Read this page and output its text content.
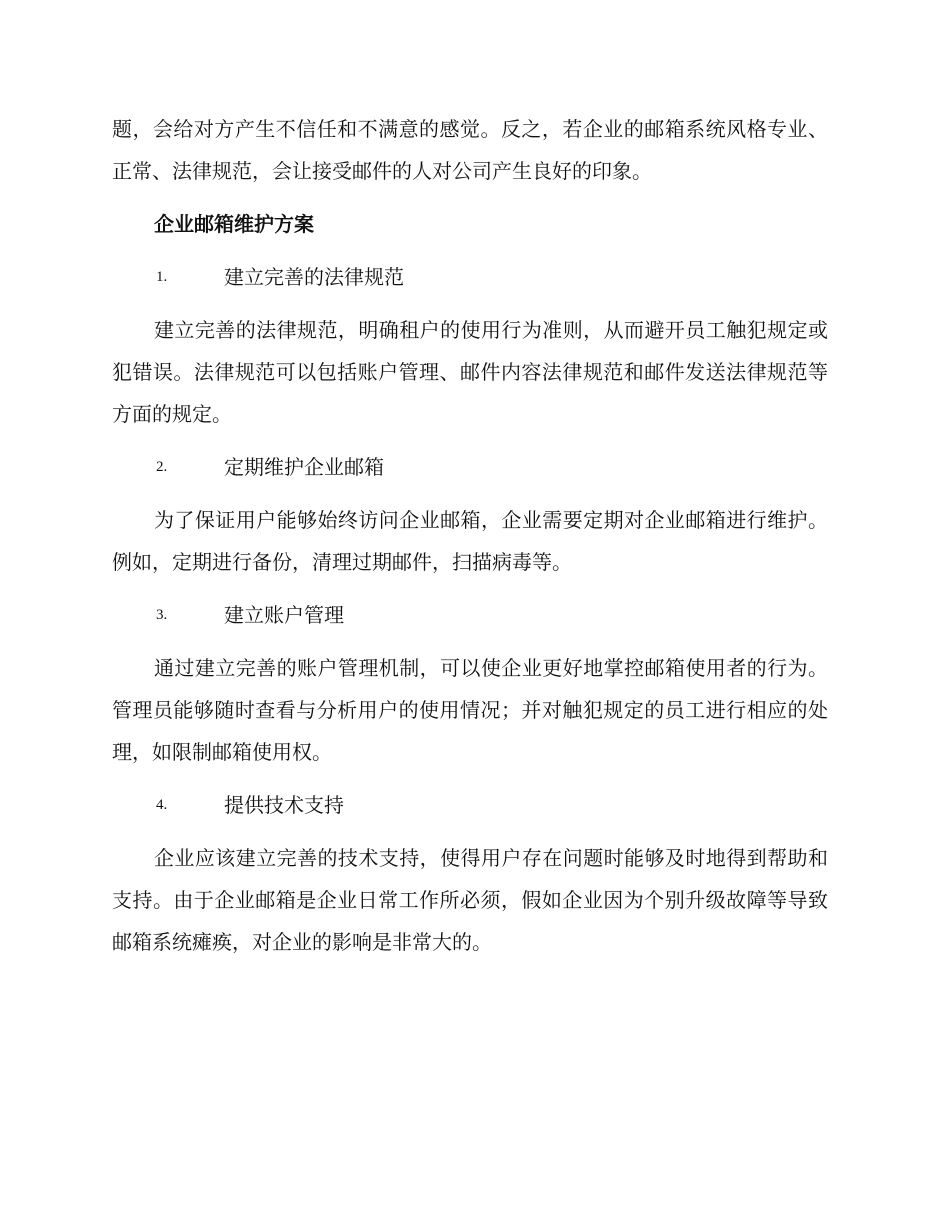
题，会给对方产生不信任和不满意的感觉。反之，若企业的邮箱系统风格专业、正常、法律规范，会让接受邮件的人对公司产生良好的印象。

企业邮箱维护方案
1.	建立完善的法律规范

建立完善的法律规范，明确租户的使用行为准则，从而避开员工触犯规定或犯错误。法律规范可以包括账户管理、邮件内容法律规范和邮件发送法律规范等方面的规定。

2.	定期维护企业邮箱

为了保证用户能够始终访问企业邮箱，企业需要定期对企业邮箱进行维护。例如，定期进行备份，清理过期邮件，扫描病毒等。

3.	建立账户管理

通过建立完善的账户管理机制，可以使企业更好地掌控邮箱使用者的行为。管理员能够随时查看与分析用户的使用情况；并对触犯规定的员工进行相应的处理，如限制邮箱使用权。

4.	提供技术支持

企业应该建立完善的技术支持，使得用户存在问题时能够及时地得到帮助和支持。由于企业邮箱是企业日常工作所必须，假如企业因为个别升级故障等导致邮箱系统瘫痪，对企业的影响是非常大的。
